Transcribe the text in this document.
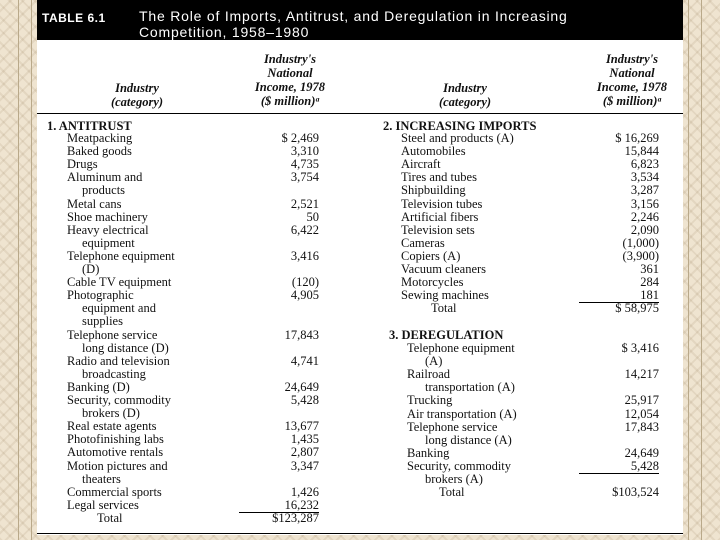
TABLE 6.1 The Role of Imports, Antitrust, and Deregulation in Increasing
Competition, 1958–1980
Industry
(category)
Industry's
National
Income, 1978
($ million)ᵃ
Industry
(category)
Industry's
National
Income, 1978
($ million)ᵃ
1. ANTITRUST	2. INCREASING IMPORTS
3. DEREGULATION
Meatpacking	$ 2,469
Baked goods	3,310
Drugs	4,735
Aluminum and	3,754
products
Metal cans	2,521
Shoe machinery	50
Heavy electrical	6,422
equipment
Telephone equipment	3,416
(D)
Cable TV equipment	(120)
Photographic	4,905
equipment and
supplies
Telephone service	17,843
long distance (D)
Radio and television	4,741
broadcasting
Banking (D)	24,649
Security, commodity	5,428
brokers (D)
Real estate agents	13,677
Photofinishing labs	1,435
Automotive rentals	2,807
Motion pictures and	3,347
theaters
Commercial sports	1,426
Legal services	16,232
Total	$123,287
Steel and products (A)	$ 16,269
Automobiles	15,844
Aircraft	6,823
Tires and tubes	3,534
Shipbuilding	3,287
Television tubes	3,156
Artificial fibers	2,246
Television sets	2,090
Cameras	(1,000)
Copiers (A)	(3,900)
Vacuum cleaners	361
Motorcycles	284
Sewing machines	181
Total	$ 58,975
Telephone equipment	$ 3,416
(A)
Railroad	14,217
transportation (A)
Trucking	25,917
Air transportation (A)	12,054
Telephone service	17,843
long distance (A)
Banking	24,649
Security, commodity	5,428
brokers (A)
Total	$103,524
